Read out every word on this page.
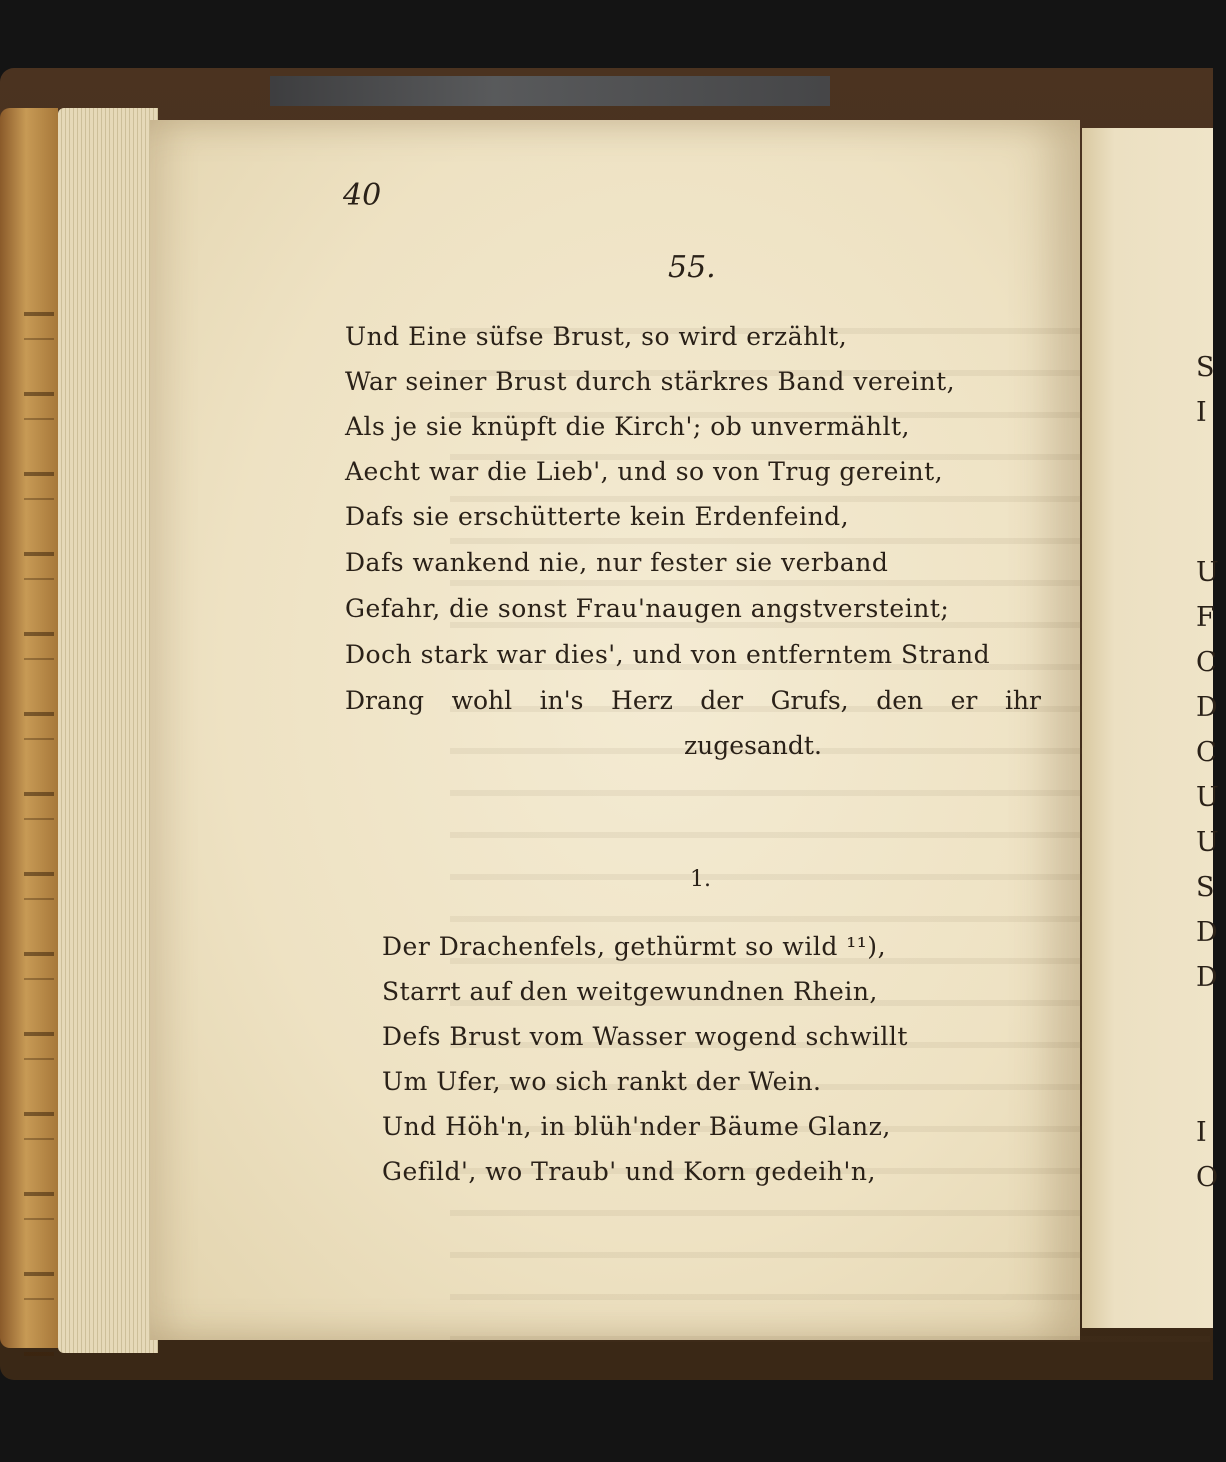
S
I
U
F
C
D
C
U
U
S
D
D
I
O
40
55.
Und Eine süfse Brust, so wird erzählt,
War seiner Brust durch stärkres Band vereint,
Als je sie knüpft die Kirch'; ob unvermählt,
Aecht war die Lieb', und so von Trug gereint,
Dafs sie erschütterte kein Erdenfeind,
Dafs wankend nie, nur fester sie verband
Gefahr, die sonst Frau'naugen angstversteint;
Doch stark war dies', und von entferntem Strand
Drang wohl in's Herz der Grufs, den er ihr
zugesandt.
1.
Der Drachenfels, gethürmt so wild ¹¹),
Starrt auf den weitgewundnen Rhein,
Defs Brust vom Wasser wogend schwillt
Um Ufer, wo sich rankt der Wein.
Und Höh'n, in blüh'nder Bäume Glanz,
Gefild', wo Traub' und Korn gedeih'n,
